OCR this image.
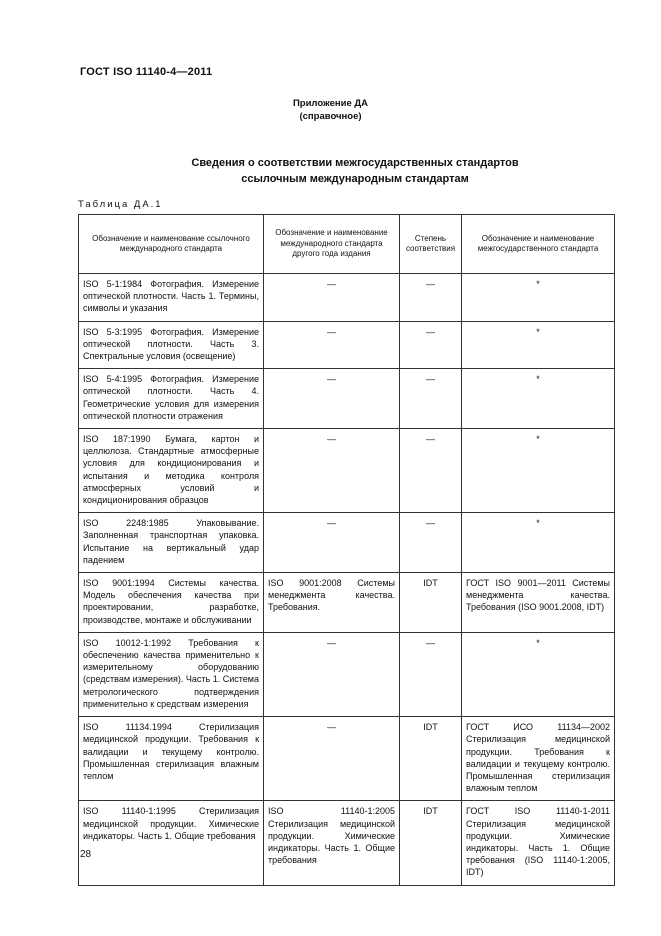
ГОСТ ISO 11140-4—2011
Приложение ДА
(справочное)
Сведения о соответствии межгосударственных стандартов
ссылочным международным стандартам
Таблица ДА.1
Обозначение и наименование ссылочного международного стандарта	Обозначение и наименование международного стандарта другого года издания	Степень соответствия	Обозначение и наименование межгосударственного стандарта
ISO 5-1:1984 Фотография. Измерение оптической плотности. Часть 1. Термины, символы и указания	—	—	*
ISO 5-3:1995 Фотография. Измерение оптической плотности. Часть 3. Спектральные условия (освещение)	—	—	*
ISO 5-4:1995 Фотография. Измерение оптической плотности. Часть 4. Геометрические условия для измерения оптической плотности отражения	—	—	*
ISO 187:1990 Бумага, картон и целлюлоза. Стандартные атмосферные условия для кондиционирования и испытания и методика контроля атмосферных условий и кондиционирования образцов	—	—	*
ISO 2248:1985 Упаковывание. Заполненная транспортная упаковка. Испытание на вертикальный удар падением	—	—	*
ISO 9001:1994 Системы качества. Модель обеспечения качества при проектировании, разработке, производстве, монтаже и обслуживании	ISO 9001:2008 Системы менеджмента качества. Требования.	IDT	ГОСТ ISO 9001—2011 Системы менеджмента качества. Требования (ISO 9001.2008, IDT)
ISO 10012-1:1992 Требования к обеспечению качества применительно к измерительному оборудованию (средствам измерения). Часть 1. Система метрологического подтверждения применительно к средствам измерения	—	—	*
ISO 11134.1994 Стерилизация медицинской продукции. Требования к валидации и текущему контролю. Промышленная стерилизация влажным теплом	—	IDT	ГОСТ ИСО 11134—2002 Стерилизация медицинской продукции. Требования к валидации и текущему контролю. Промышленная стерилизация влажным теплом
ISO 11140-1:1995 Стерилизация медицинской продукции. Химические индикаторы. Часть 1. Общие требования	ISO 11140-1:2005 Стерилизация медицинской продукции. Химические индикаторы. Часть 1. Общие требования	IDT	ГОСТ ISO 11140-1-2011 Стерилизация медицинской продукции. Химические индикаторы. Часть 1. Общие требования (ISO 11140-1:2005, IDT)
28
